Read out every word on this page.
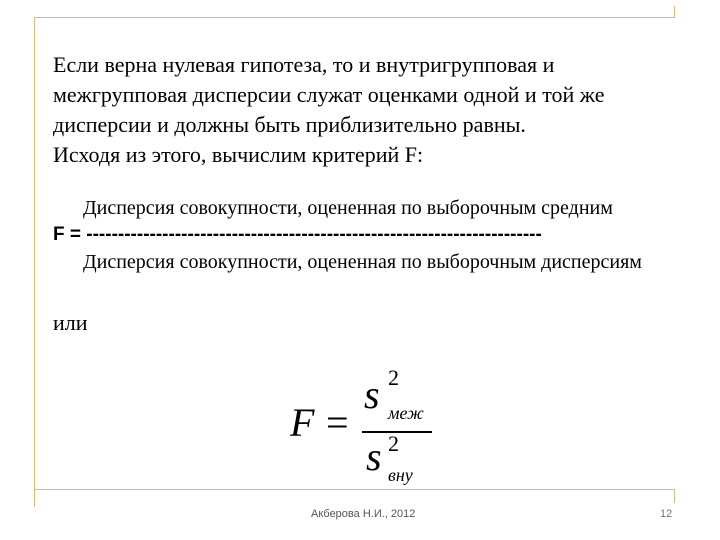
Если верна нулевая гипотеза, то и внутригрупповая и
межгрупповая дисперсии служат оценками одной и той же
дисперсии и должны быть приблизительно равны.
Исходя из этого, вычислим критерий F:
Дисперсия совокупности, оцененная по выборочным средним
F = ------------------------------------------------------------------------
Дисперсия совокупности, оцененная по выборочным дисперсиям
или
F =
s 2
меж
s 2
вну
Акберова Н.И., 2012	12
